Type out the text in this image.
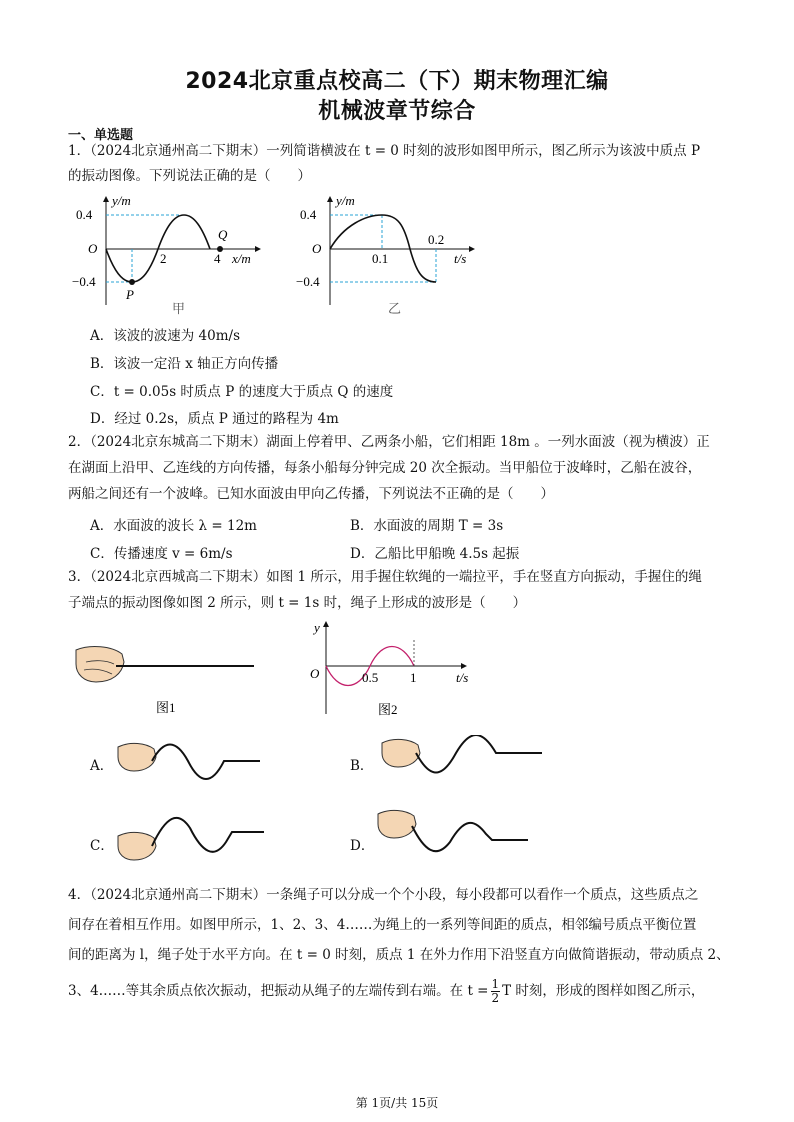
2024北京重点校高二（下）期末物理汇编
机械波章节综合
一、单选题
1．（2024北京通州高二下期末）一列简谐横波在 t = 0 时刻的波形如图甲所示，图乙所示为该波中质点 P
的振动图像。下列说法正确的是（　　）
y/m
0.4
O
−0.4
2	4 x/m
P
Q
甲
y/m
0.4
O
−0.4
0.1
0.2
t/s
乙
A．该波的波速为 40m/s
B．该波一定沿 x 轴正方向传播
C．t = 0.05s 时质点 P 的速度大于质点 Q 的速度
D．经过 0.2s，质点 P 通过的路程为 4m
2．（2024北京东城高二下期末）湖面上停着甲、乙两条小船，它们相距 18m 。一列水面波（视为横波）正
在湖面上沿甲、乙连线的方向传播，每条小船每分钟完成 20 次全振动。当甲船位于波峰时，乙船在波谷，
两船之间还有一个波峰。已知水面波由甲向乙传播，下列说法不正确的是（　　）
A．水面波的波长 λ = 12m	B．水面波的周期 T = 3s
C．传播速度 v = 6m/s	D．乙船比甲船晚 4.5s 起振
3．（2024北京西城高二下期末）如图 1 所示，用手握住软绳的一端拉平，手在竖直方向振动，手握住的绳
子端点的振动图像如图 2 所示，则 t = 1s 时，绳子上形成的波形是（　　）
图1
y
O	0.5 1	t/s
图2
A．	B．
C．	D．
4．（2024北京通州高二下期末）一条绳子可以分成一个个小段，每小段都可以看作一个质点，这些质点之
间存在着相互作用。如图甲所示，1、2、3、4……为绳上的一系列等间距的质点，相邻编号质点平衡位置
间的距离为 l，绳子处于水平方向。在 t = 0 时刻，质点 1 在外力作用下沿竖直方向做简谐振动，带动质点 2、
3、4……等其余质点依次振动，把振动从绳子的左端传到右端。在 $t = \frac{1}{2}$ T 时刻，形成的图样如图乙所示，
第 1页/共 15页
